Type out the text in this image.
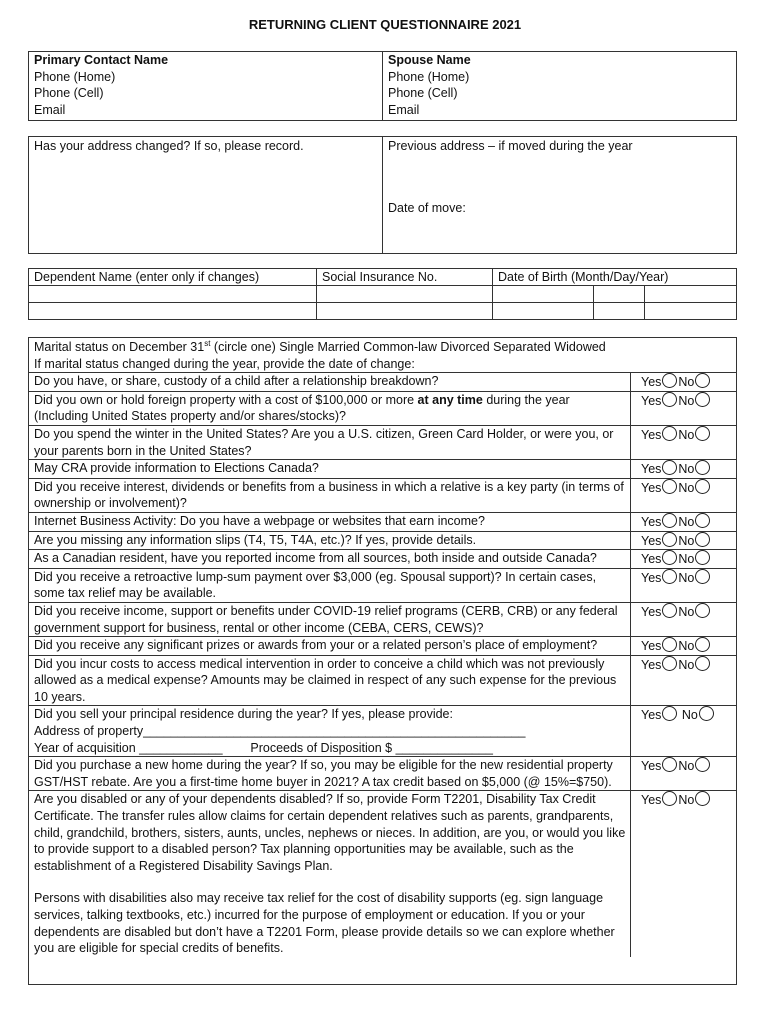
RETURNING CLIENT QUESTIONNAIRE 2021
Primary Contact Name
Phone (Home)
Phone (Cell)
Email

Spouse Name
Phone (Home)
Phone (Cell)
Email
Has your address changed? If so, please record.	Previous address – if moved during the year
Date of move:
Dependent Name (enter only if changes)	Social Insurance No.	Date of Birth (Month/Day/Year)		

Marital status on December 31st (circle one) Single Married Common-law Divorced Separated Widowed
If marital status changed during the year, provide the date of change:
Do you have, or share, custody of a child after a relationship breakdown?	Yes No
Did you own or hold foreign property with a cost of $100,000 or more at any time during the year (Including United States property and/or shares/stocks)?
Yes No
Do you spend the winter in the United States? Are you a U.S. citizen, Green Card Holder, or were you, or your parents born in the United States?
Yes No
May CRA provide information to Elections Canada?	Yes No
Did you receive interest, dividends or benefits from a business in which a relative is a key party (in terms of ownership or involvement)?
Yes No
Internet Business Activity: Do you have a webpage or websites that earn income?	Yes No
Are you missing any information slips (T4, T5, T4A, etc.)? If yes, provide details.	Yes No
As a Canadian resident, have you reported income from all sources, both inside and outside Canada?	Yes No
Did you receive a retroactive lump-sum payment over $3,000 (eg. Spousal support)? In certain cases, some tax relief may be available.
Yes No
Did you receive income, support or benefits under COVID-19 relief programs (CERB, CRB) or any federal government support for business, rental or other income (CEBA, CERS, CEWS)?
Yes No
Did you receive any significant prizes or awards from your or a related person’s place of employment?	Yes No
Did you incur costs to access medical intervention in order to conceive a child which was not previously allowed as a medical expense? Amounts may be claimed in respect of any such expense for the previous 10 years.
Yes No
Did you sell your principal residence during the year? If yes, please provide:
Address of property_______________________________________________________
Year of acquisition ____________        Proceeds of Disposition $ ______________
Yes No
Did you purchase a new home during the year? If so, you may be eligible for the new residential property GST/HST rebate. Are you a first-time home buyer in 2021? A tax credit based on $5,000 (@ 15%=$750).
Yes No
Are you disabled or any of your dependents disabled? If so, provide Form T2201, Disability Tax Credit Certificate. The transfer rules allow claims for certain dependent relatives such as parents, grandparents, child, grandchild, brothers, sisters, aunts, uncles, nephews or nieces. In addition, are you, or would you like to provide support to a disabled person? Tax planning opportunities may be available, such as the establishment of a Registered Disability Savings Plan.
Persons with disabilities also may receive tax relief for the cost of disability supports (eg. sign language services, talking textbooks, etc.) incurred for the purpose of employment or education. If you or your dependents are disabled but don’t have a T2201 Form, please provide details so we can explore whether you are eligible for special credits of benefits.
Yes No
